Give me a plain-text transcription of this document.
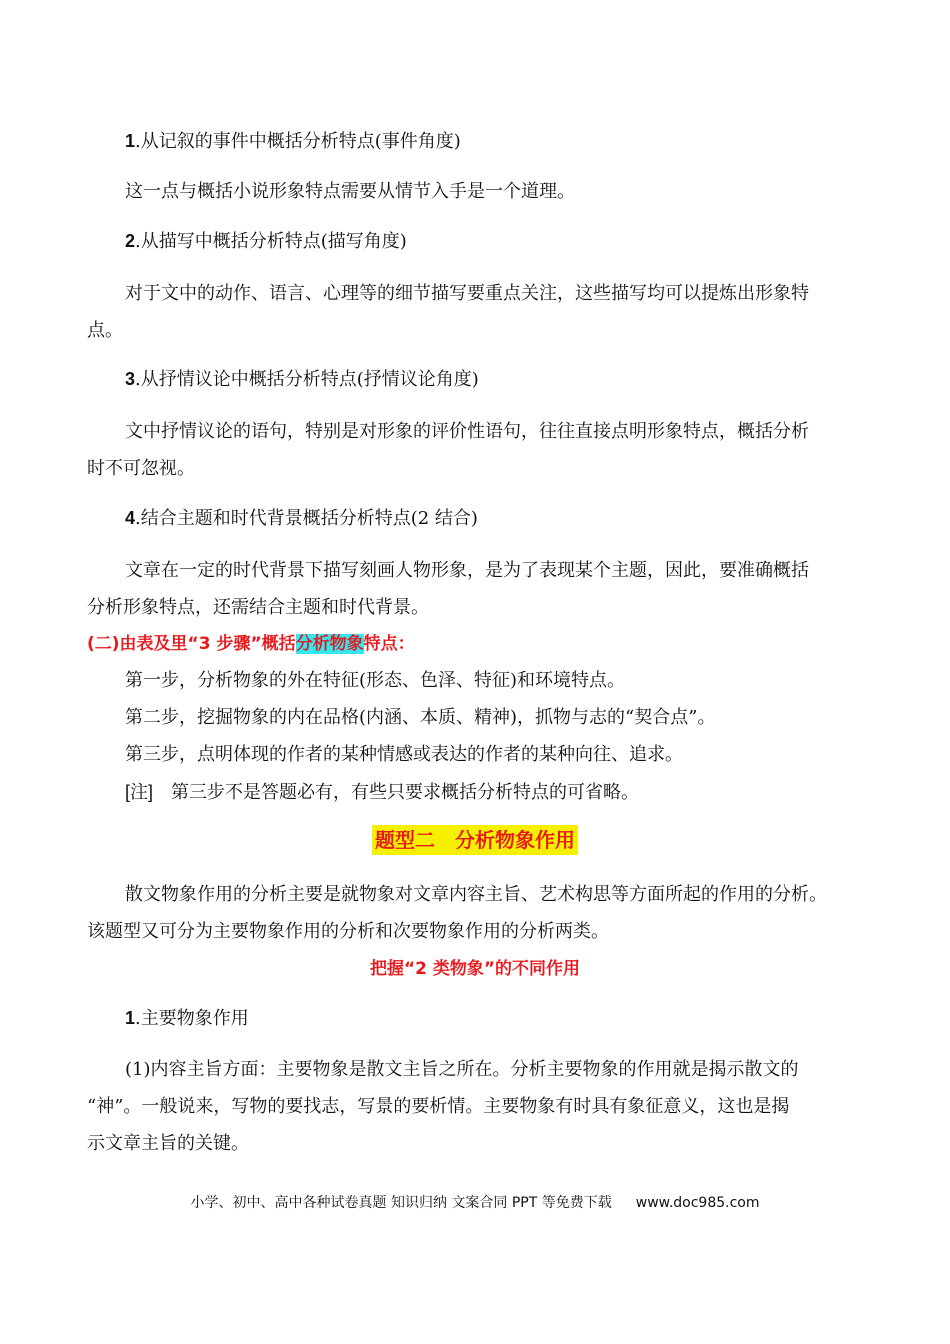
1.从记叙的事件中概括分析特点(事件角度)
这一点与概括小说形象特点需要从情节入手是一个道理。
2.从描写中概括分析特点(描写角度)
对于文中的动作、语言、心理等的细节描写要重点关注，这些描写均可以提炼出形象特
点。
3.从抒情议论中概括分析特点(抒情议论角度)
文中抒情议论的语句，特别是对形象的评价性语句，往往直接点明形象特点，概括分析
时不可忽视。
4.结合主题和时代背景概括分析特点(2 结合)
文章在一定的时代背景下描写刻画人物形象，是为了表现某个主题，因此，要准确概括
分析形象特点，还需结合主题和时代背景。
(二)由表及里“3 步骤”概括分析物象特点：
第一步，分析物象的外在特征(形态、色泽、特征)和环境特点。
第二步，挖掘物象的内在品格(内涵、本质、精神)，抓物与志的“契合点”。
第三步，点明体现的作者的某种情感或表达的作者的某种向往、追求。
[注] 第三步不是答题必有，有些只要求概括分析特点的可省略。
题型二　分析物象作用
散文物象作用的分析主要是就物象对文章内容主旨、艺术构思等方面所起的作用的分析。
该题型又可分为主要物象作用的分析和次要物象作用的分析两类。
把握“2 类物象”的不同作用
1.主要物象作用
(1)内容主旨方面：主要物象是散文主旨之所在。分析主要物象的作用就是揭示散文的
“神”。一般说来，写物的要找志，写景的要析情。主要物象有时具有象征意义，这也是揭
示文章主旨的关键。
小学、初中、高中各种试卷真题 知识归纳 文案合同 PPT 等免费下载 www.doc985.com
